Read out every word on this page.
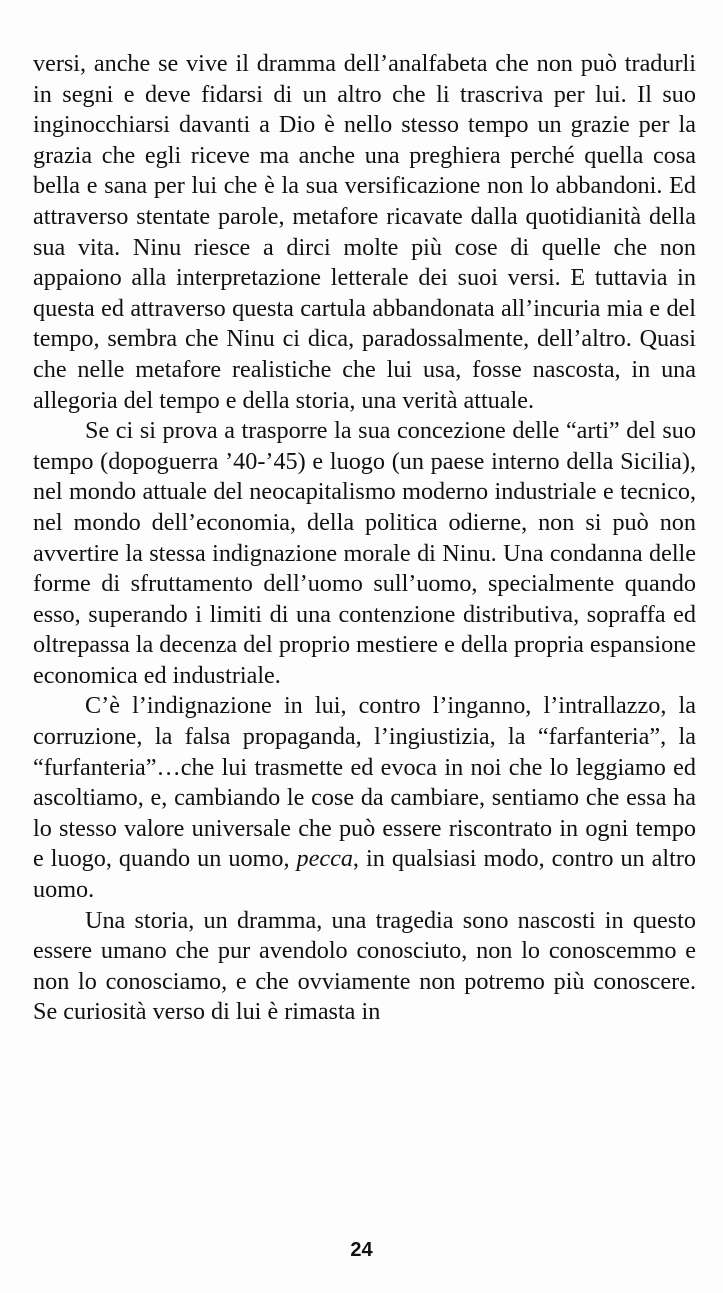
versi, anche se vive il dramma dell’analfabeta che non può tradurli in segni e deve fidarsi di un altro che li trascriva per lui. Il suo inginocchiarsi davanti a Dio è nello stesso tempo un grazie per la grazia che egli riceve ma anche una preghiera perché quella cosa bella e sana per lui che è la sua versificazione non lo abbandoni. Ed attraverso stentate parole, metafore ricavate dalla quotidianità della sua vita. Ninu riesce a dirci molte più cose di quelle che non appaiono alla interpretazione letterale dei suoi versi. E tuttavia in questa ed attraverso questa cartula abbandonata all’incuria mia e del tempo, sembra che Ninu ci dica, paradossalmente, dell’altro. Quasi che nelle metafore realistiche che lui usa, fosse nascosta, in una allegoria del tempo e della storia, una verità attuale.

Se ci si prova a trasporre la sua concezione delle “arti” del suo tempo (dopoguerra ’40-’45) e luogo (un paese interno della Sicilia), nel mondo attuale del neocapitalismo moderno industriale e tecnico, nel mondo dell’economia, della politica odierne, non si può non avvertire la stessa indignazione morale di Ninu. Una condanna delle forme di sfruttamento dell’uomo sull’uomo, specialmente quando esso, superando i limiti di una contenzione distributiva, sopraffa ed oltrepassa la decenza del proprio mestiere e della propria espansione economica ed industriale.

C’è l’indignazione in lui, contro l’inganno, l’intrallazzo, la corruzione, la falsa propaganda, l’ingiustizia, la “farfanteria”, la “furfanteria”…che lui trasmette ed evoca in noi che lo leggiamo ed ascoltiamo, e, cambiando le cose da cambiare, sentiamo che essa ha lo stesso valore universale che può essere riscontrato in ogni tempo e luogo, quando un uomo, pecca, in qualsiasi modo, contro un altro uomo.

Una storia, un dramma, una tragedia sono nascosti in questo essere umano che pur avendolo conosciuto, non lo conoscemmo e non lo conosciamo, e che ovviamente non potremo più conoscere. Se curiosità verso di lui è rimasta in

24
